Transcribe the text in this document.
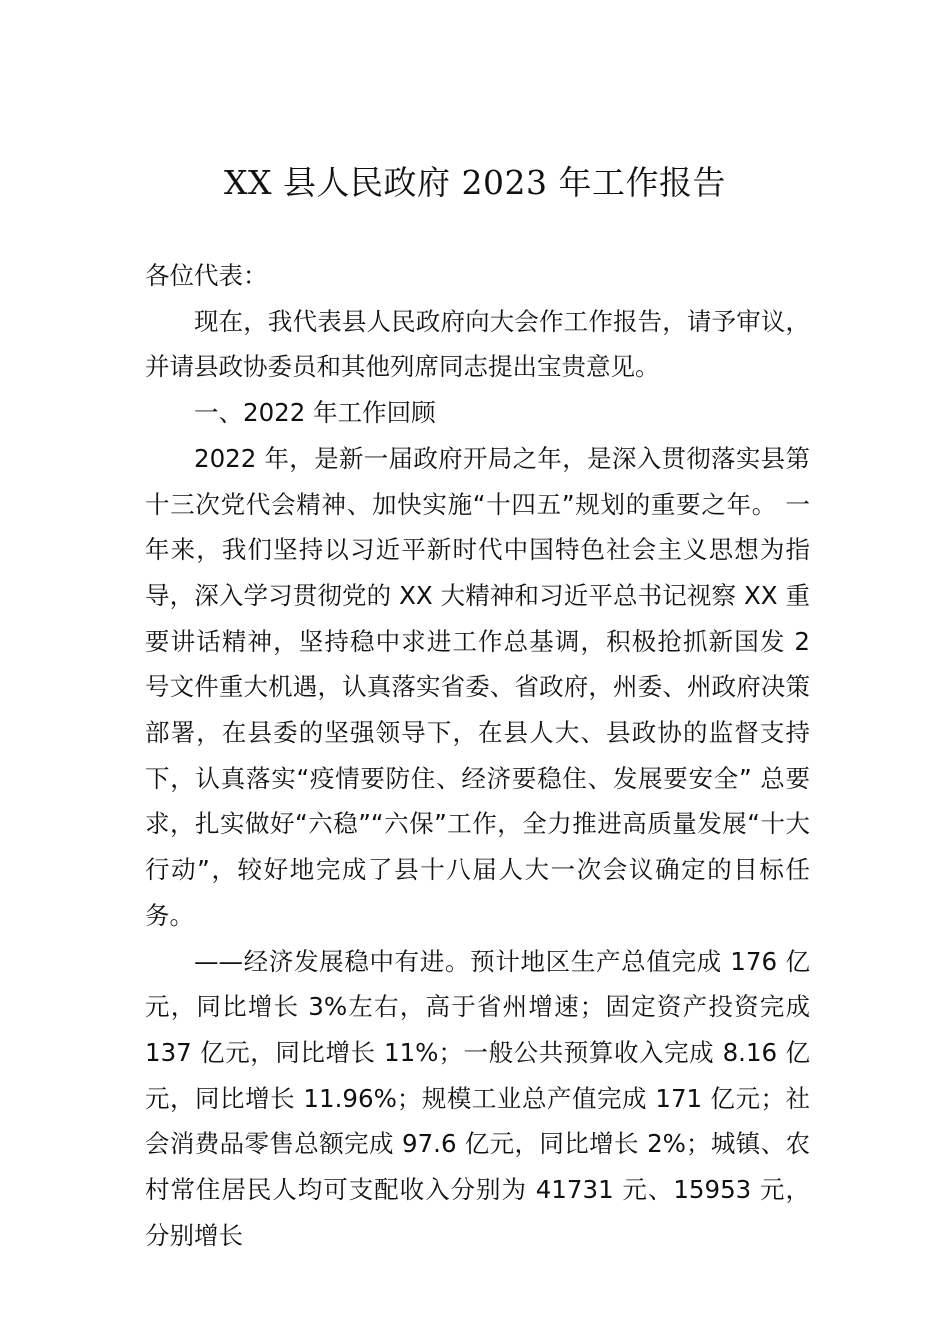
XX 县人民政府 2023 年工作报告

各位代表：

现在，我代表县人民政府向大会作工作报告，请予审议，并请县政协委员和其他列席同志提出宝贵意见。

一、2022 年工作回顾

2022 年，是新一届政府开局之年，是深入贯彻落实县第十三次党代会精神、加快实施“十四五”规划的重要之年。 一年来，我们坚持以习近平新时代中国特色社会主义思想为指导，深入学习贯彻党的 XX 大精神和习近平总书记视察 XX 重要讲话精神，坚持稳中求进工作总基调，积极抢抓新国发 2 号文件重大机遇，认真落实省委、省政府，州委、州政府决策部署，在县委的坚强领导下，在县人大、县政协的监督支持下，认真落实“疫情要防住、经济要稳住、发展要安全” 总要求，扎实做好“六稳”“六保”工作，全力推进高质量发展“十大行动”，较好地完成了县十八届人大一次会议确定的目标任务。

——经济发展稳中有进。预计地区生产总值完成 176 亿元，同比增长 3%左右，高于省州增速；固定资产投资完成 137 亿元，同比增长 11%；一般公共预算收入完成 8.16 亿元，同比增长 11.96%；规模工业总产值完成 171 亿元；社会消费品零售总额完成 97.6 亿元，同比增长 2%；城镇、农村常住居民人均可支配收入分别为 41731 元、15953 元，分别增长
